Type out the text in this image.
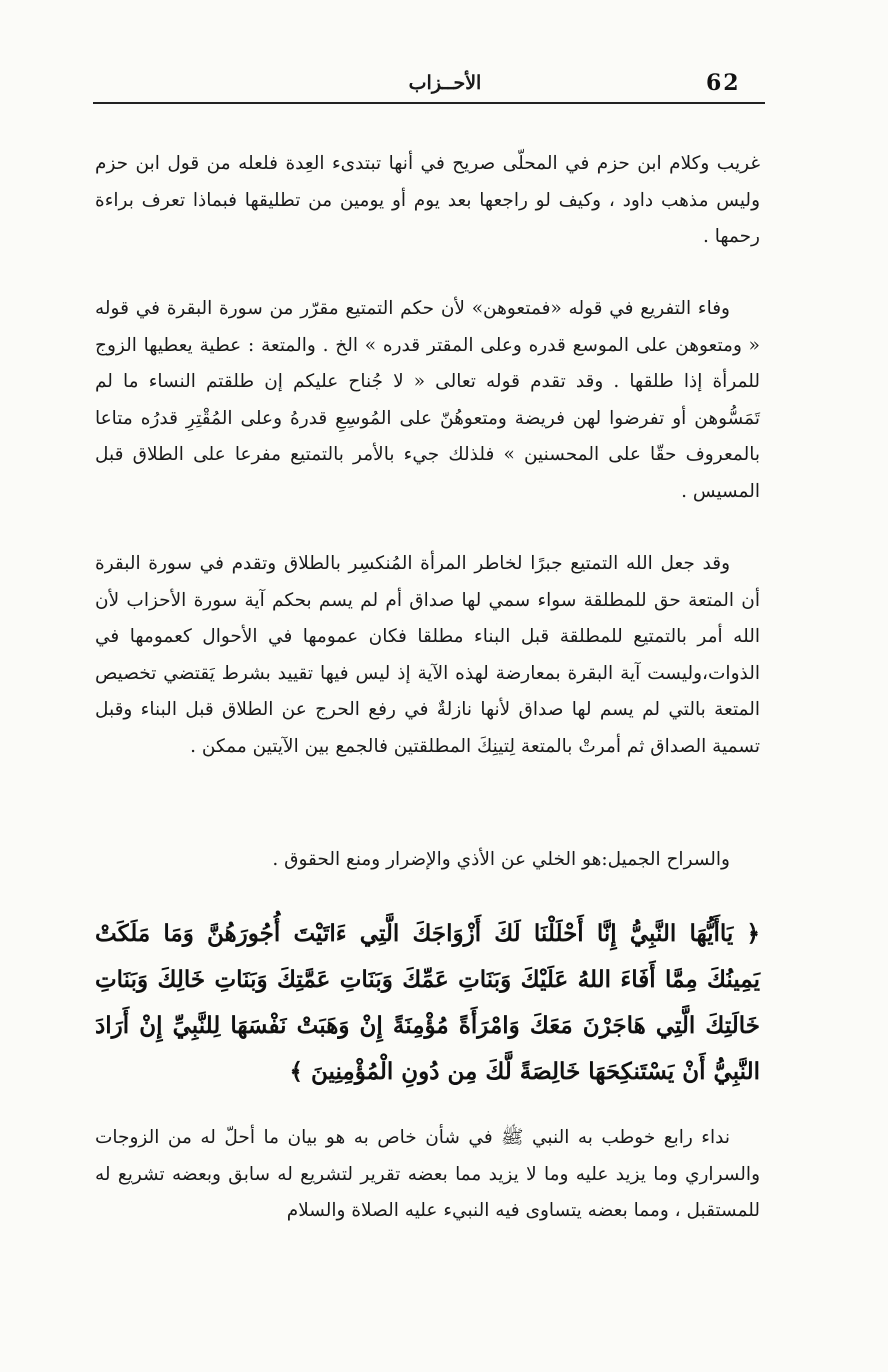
62
الأحــزاب

غريب وكلام ابن حزم في المحلّى صريح في أنها تبتدىء العِدة فلعله من قول ابن حزم وليس مذهب داود ، وكيف لو راجعها بعد يوم أو يومين من تطليقها فبماذا تعرف براءة رحمها .

وفاء التفريع في قوله «فمتعوهن» لأن حكم التمتيع مقرّر من سورة البقرة في قوله « ومتعوهن على الموسع قدره وعلى المقتر قدره » الخ . والمتعة : عطية يعطيها الزوج للمرأة إذا طلقها . وقد تقدم قوله تعالى « لا جُناح عليكم إن طلقتم النساء ما لم تَمَسُّوهن أو تفرضوا لهن فريضة ومتعوهُنّ على المُوسِعِ قدرهُ وعلى المُقْتِرِ قدرُه متاعا بالمعروف حقّا على المحسنين » فلذلك جيء بالأمر بالتمتيع مفرعا على الطلاق قبل المسيس .

وقد جعل الله التمتيع جبرًا لخاطر المرأة المُنكسِر بالطلاق وتقدم في سورة البقرة أن المتعة حق للمطلقة سواء سمي لها صداق أم لم يسم بحكم آية سورة الأحزاب لأن الله أمر بالتمتيع للمطلقة قبل البناء مطلقا فكان عمومها في الأحوال كعمومها في الذوات،وليست آية البقرة بمعارضة لهذه الآية إذ ليس فيها تقييد بشرط يَقتضي تخصيص المتعة بالتي لم يسم لها صداق لأنها نازلةٌ في رفع الحرج عن الطلاق قبل البناء وقبل تسمية الصداق ثم أمرتْ بالمتعة لِتينِكَ المطلقتين فالجمع بين الآيتين ممكن .

والسراح الجميل:هو الخلي عن الأذي والإضرار ومنع الحقوق .

﴿ يَاأَيُّهَا النَّبِيُّ إِنَّا أَحْلَلْنَا لَكَ أَزْوَاجَكَ الَّتِي ءَاتَيْتَ أُجُورَهُنَّ وَمَا مَلَكَتْ يَمِينُكَ مِمَّا أَفَاءَ اللهُ عَلَيْكَ وَبَنَاتِ عَمِّكَ وَبَنَاتِ عَمَّتِكَ وَبَنَاتِ خَالِكَ وَبَنَاتِ خَالَتِكَ الَّتِي هَاجَرْنَ مَعَكَ وَامْرَأَةً مُؤْمِنَةً إِنْ وَهَبَتْ نَفْسَهَا لِلنَّبِيِّ إِنْ أَرَادَ النَّبِيُّ أَنْ يَسْتَنكِحَهَا خَالِصَةً لَّكَ مِن دُونِ الْمُؤْمِنِينَ ﴾

نداء رابع خوطب به النبي ﷺ في شأن خاص به هو بيان ما أحلّ له من الزوجات والسراري وما يزيد عليه وما لا يزيد مما بعضه تقرير لتشريع له سابق وبعضه تشريع له للمستقبل ، ومما بعضه يتساوى فيه النبيء عليه الصلاة والسلام
